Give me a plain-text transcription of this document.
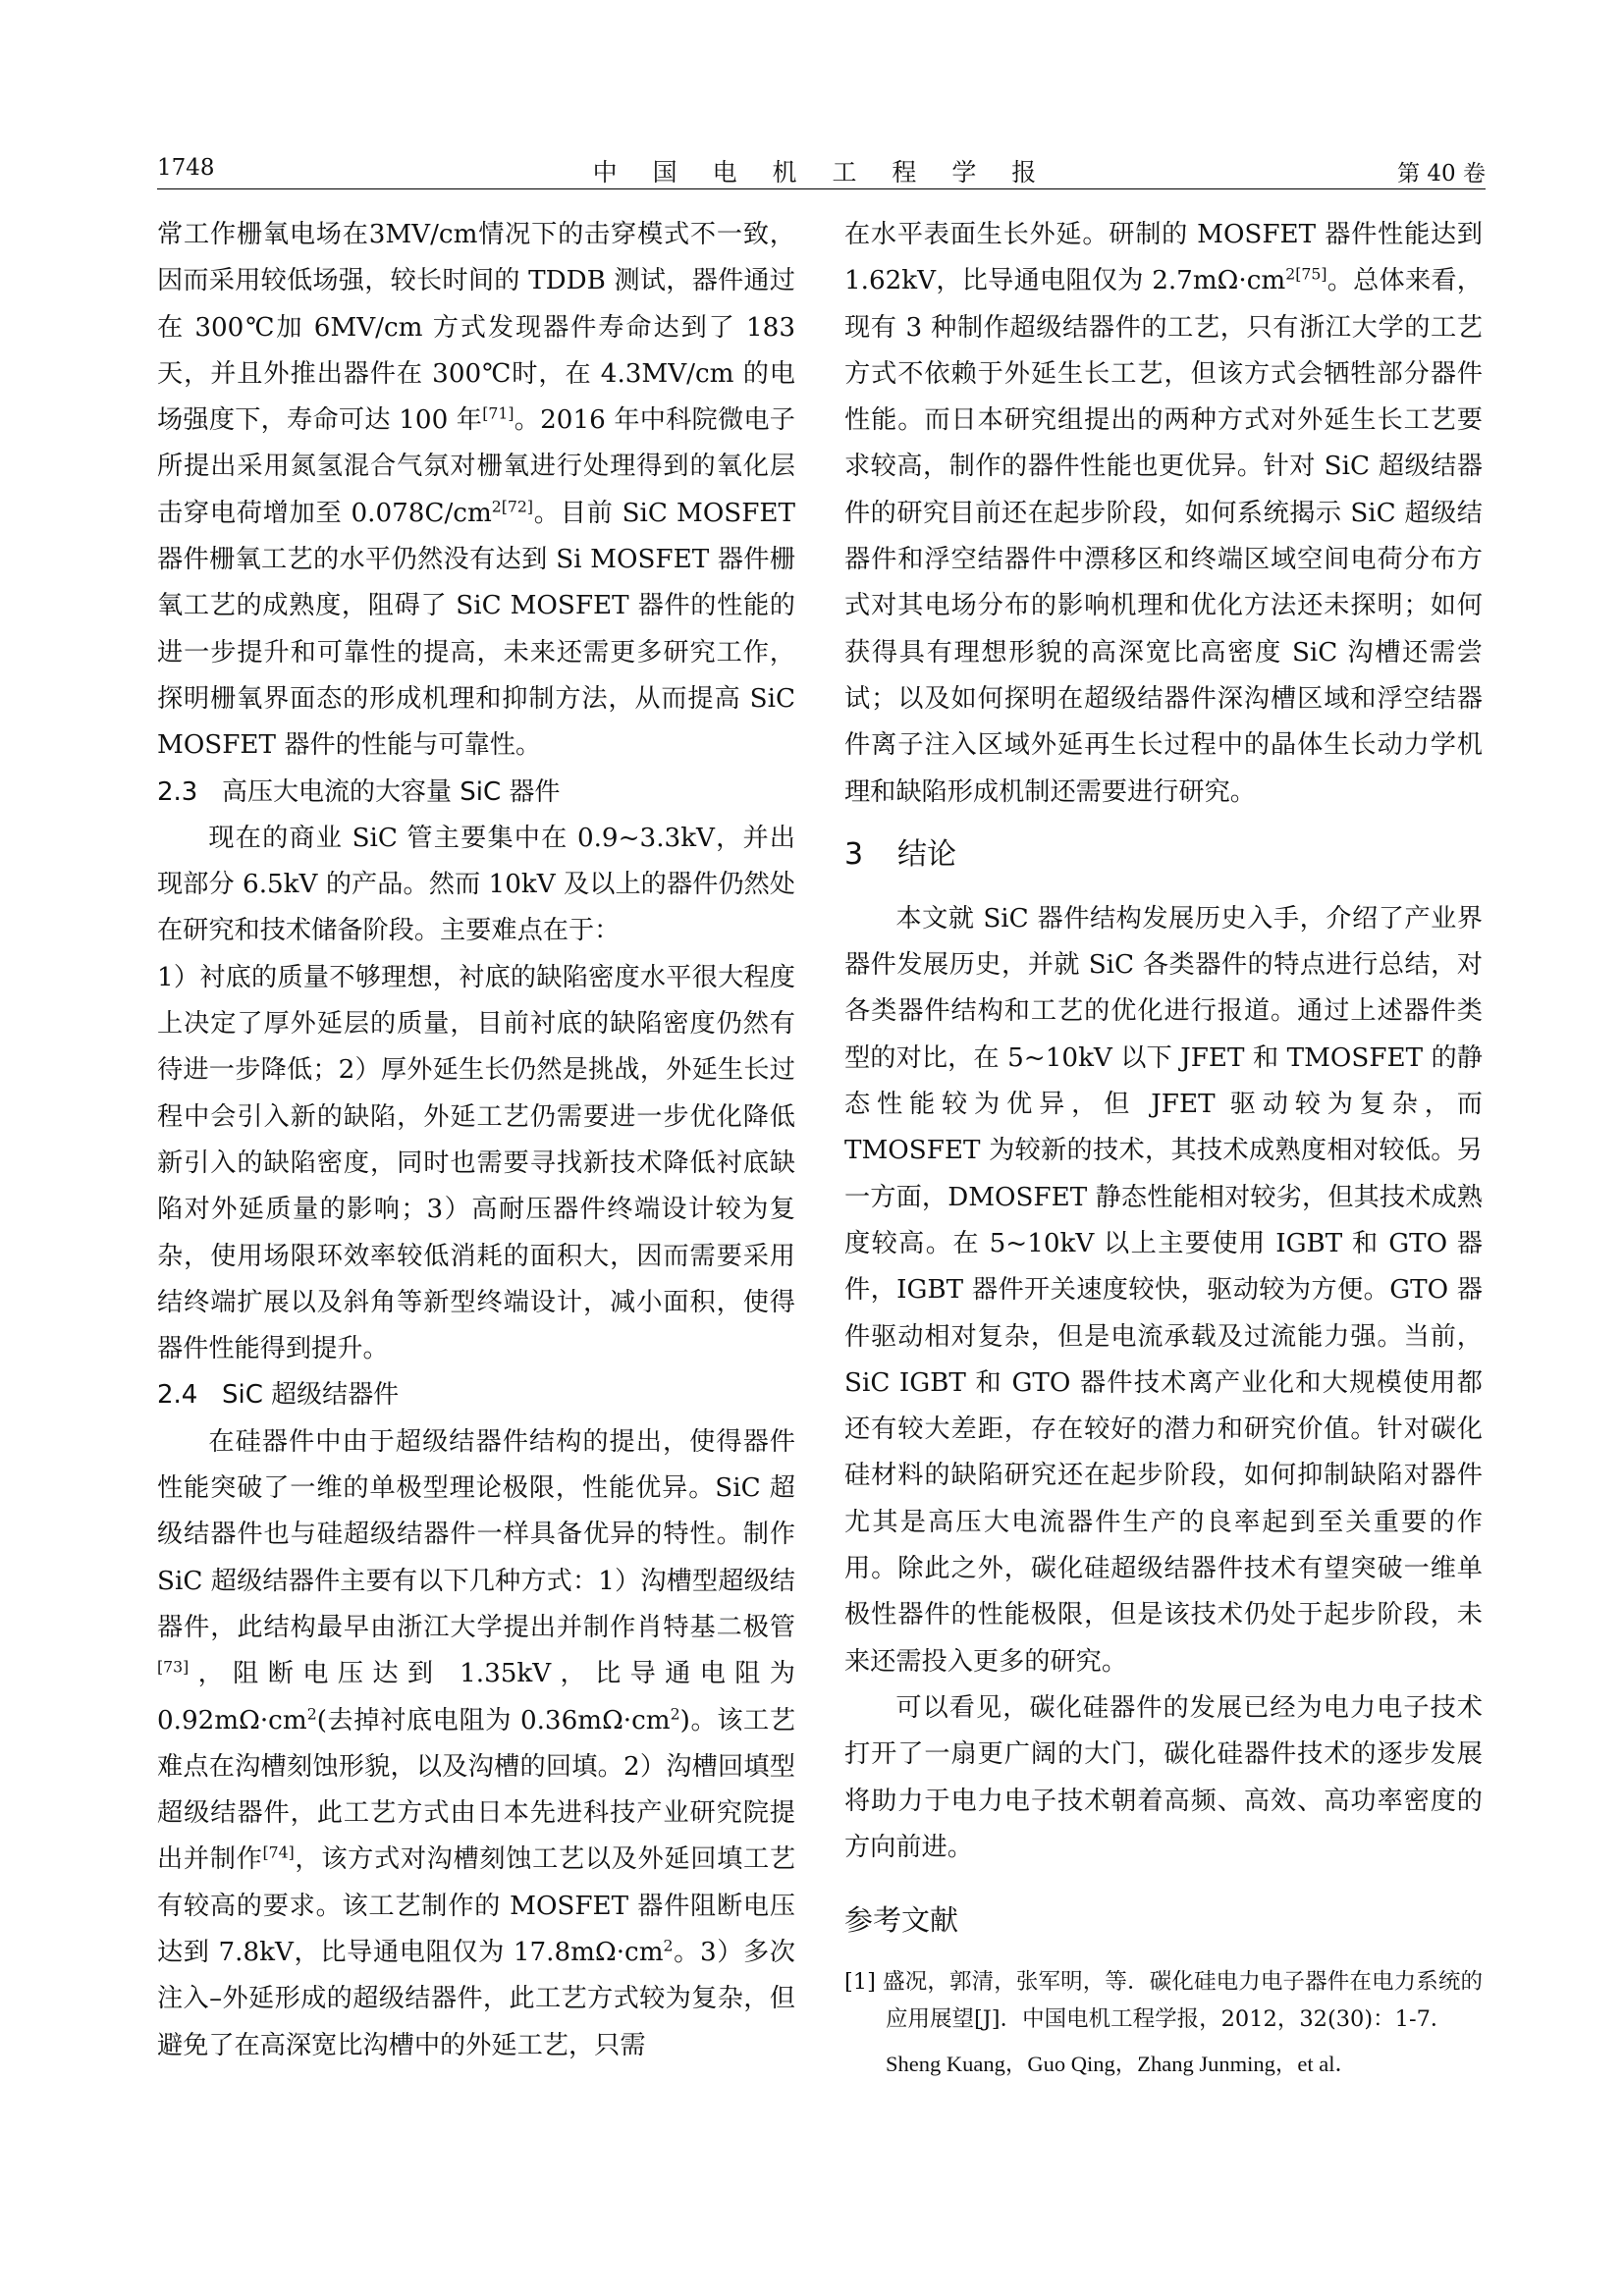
1748	中 国 电 机 工 程 学 报	第 40 卷

常工作栅氧电场在3MV/cm情况下的击穿模式不一致，因而采用较低场强，较长时间的 TDDB 测试，器件通过在 300℃加 6MV/cm 方式发现器件寿命达到了 183 天，并且外推出器件在 300℃时，在 4.3MV/cm 的电场强度下，寿命可达 100 年[71]。2016 年中科院微电子所提出采用氮氢混合气氛对栅氧进行处理得到的氧化层击穿电荷增加至 $0.078C/cm^{2[72]}$。目前 SiC MOSFET 器件栅氧工艺的水平仍然没有达到 Si MOSFET 器件栅氧工艺的成熟度，阻碍了 SiC MOSFET 器件的性能的进一步提升和可靠性的提高，未来还需更多研究工作，探明栅氧界面态的形成机理和抑制方法，从而提高 SiC MOSFET 器件的性能与可靠性。

2.3 高压大电流的大容量 SiC 器件

现在的商业 SiC 管主要集中在 0.9~3.3kV，并出现部分 6.5kV 的产品。然而 10kV 及以上的器件仍然处在研究和技术储备阶段。主要难点在于：

1）衬底的质量不够理想，衬底的缺陷密度水平很大程度上决定了厚外延层的质量，目前衬底的缺陷密度仍然有待进一步降低；2）厚外延生长仍然是挑战，外延生长过程中会引入新的缺陷，外延工艺仍需要进一步优化降低新引入的缺陷密度，同时也需要寻找新技术降低衬底缺陷对外延质量的影响；3）高耐压器件终端设计较为复杂，使用场限环效率较低消耗的面积大，因而需要采用结终端扩展以及斜角等新型终端设计，减小面积，使得器件性能得到提升。

2.4 SiC 超级结器件

在硅器件中由于超级结器件结构的提出，使得器件性能突破了一维的单极型理论极限，性能优异。SiC 超级结器件也与硅超级结器件一样具备优异的特性。制作 SiC 超级结器件主要有以下几种方式：1）沟槽型超级结器件，此结构最早由浙江大学提出并制作肖特基二极管[73]，阻断电压达到 1.35kV，比导通电阻为 $0.92m\Omega\cdot cm^2$(去掉衬底电阻为 $0.36m\Omega\cdot cm^2$)。该工艺难点在沟槽刻蚀形貌，以及沟槽的回填。2）沟槽回填型超级结器件，此工艺方式由日本先进科技产业研究院提出并制作[74]，该方式对沟槽刻蚀工艺以及外延回填工艺有较高的要求。该工艺制作的 MOSFET 器件阻断电压达到 7.8kV，比导通电阻仅为 $17.8m\Omega\cdot cm^2$。3）多次注入–外延形成的超级结器件，此工艺方式较为复杂，但避免了在高深宽比沟槽中的外延工艺，只需

在水平表面生长外延。研制的 MOSFET 器件性能达到 1.62kV，比导通电阻仅为 $2.7m\Omega\cdot cm^{2[75]}$。总体来看，现有 3 种制作超级结器件的工艺，只有浙江大学的工艺方式不依赖于外延生长工艺，但该方式会牺牲部分器件性能。而日本研究组提出的两种方式对外延生长工艺要求较高，制作的器件性能也更优异。针对 SiC 超级结器件的研究目前还在起步阶段，如何系统揭示 SiC 超级结器件和浮空结器件中漂移区和终端区域空间电荷分布方式对其电场分布的影响机理和优化方法还未探明；如何获得具有理想形貌的高深宽比高密度 SiC 沟槽还需尝试；以及如何探明在超级结器件深沟槽区域和浮空结器件离子注入区域外延再生长过程中的晶体生长动力学机理和缺陷形成机制还需要进行研究。

3 结论

本文就 SiC 器件结构发展历史入手，介绍了产业界器件发展历史，并就 SiC 各类器件的特点进行总结，对各类器件结构和工艺的优化进行报道。通过上述器件类型的对比，在 5~10kV 以下 JFET 和 TMOSFET 的静态性能较为优异，但 JFET 驱动较为复杂，而 TMOSFET 为较新的技术，其技术成熟度相对较低。另一方面，DMOSFET 静态性能相对较劣，但其技术成熟度较高。在 5~10kV 以上主要使用 IGBT 和 GTO 器件，IGBT 器件开关速度较快，驱动较为方便。GTO 器件驱动相对复杂，但是电流承载及过流能力强。当前，SiC IGBT 和 GTO 器件技术离产业化和大规模使用都还有较大差距，存在较好的潜力和研究价值。针对碳化硅材料的缺陷研究还在起步阶段，如何抑制缺陷对器件尤其是高压大电流器件生产的良率起到至关重要的作用。除此之外，碳化硅超级结器件技术有望突破一维单极性器件的性能极限，但是该技术仍处于起步阶段，未来还需投入更多的研究。

可以看见，碳化硅器件的发展已经为电力电子技术打开了一扇更广阔的大门，碳化硅器件技术的逐步发展将助力于电力电子技术朝着高频、高效、高功率密度的方向前进。

参考文献

[1] 盛况，郭清，张军明，等．碳化硅电力电子器件在电力系统的应用展望[J]．中国电机工程学报，2012，32(30)：1-7．

Sheng Kuang，Guo Qing，Zhang Junming，et al．
